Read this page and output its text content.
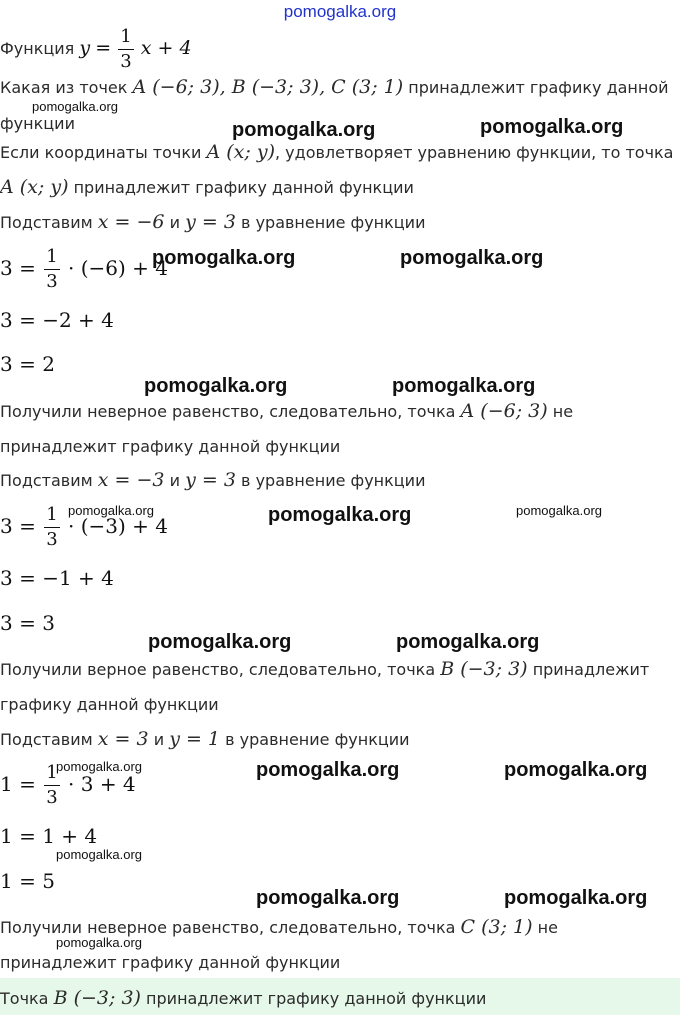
pomogalka.org
Функция $y = \frac{1}{3}$ x + 4
Какая из точек A (−6; 3), B (−3; 3), C (3; 1) принадлежит графику данной
функции
Если координаты точки A (x; y), удовлетворяет уравнению функции, то точка
A (x; y) принадлежит графику данной функции
Подставим x = −6 и y = 3 в уравнение функции
$3 = \frac{1}{3} \cdot (-6) + 4$
3 = −2 + 4
3 = 2
Получили неверное равенство, следовательно, точка A (−6; 3) не
принадлежит графику данной функции
Подставим x = −3 и y = 3 в уравнение функции
$3 = \frac{1}{3} \cdot (-3) + 4$
3 = −1 + 4
3 = 3
Получили верное равенство, следовательно, точка B (−3; 3) принадлежит
графику данной функции
Подставим x = 3 и y = 1 в уравнение функции
$1 = \frac{1}{3} \cdot 3 + 4$
1 = 1 + 4
1 = 5
Получили неверное равенство, следовательно, точка C (3; 1) не
принадлежит графику данной функции
Точка B (−3; 3) принадлежит графику данной функции
pomogalka.org
pomogalka.org	pomogalka.org
pomogalka.org	pomogalka.org
pomogalka.org	pomogalka.org
pomogalka.org	pomogalka.org	pomogalka.org
pomogalka.org	pomogalka.org
pomogalka.org	pomogalka.org	pomogalka.org
pomogalka.org
pomogalka.org	pomogalka.org
pomogalka.org
